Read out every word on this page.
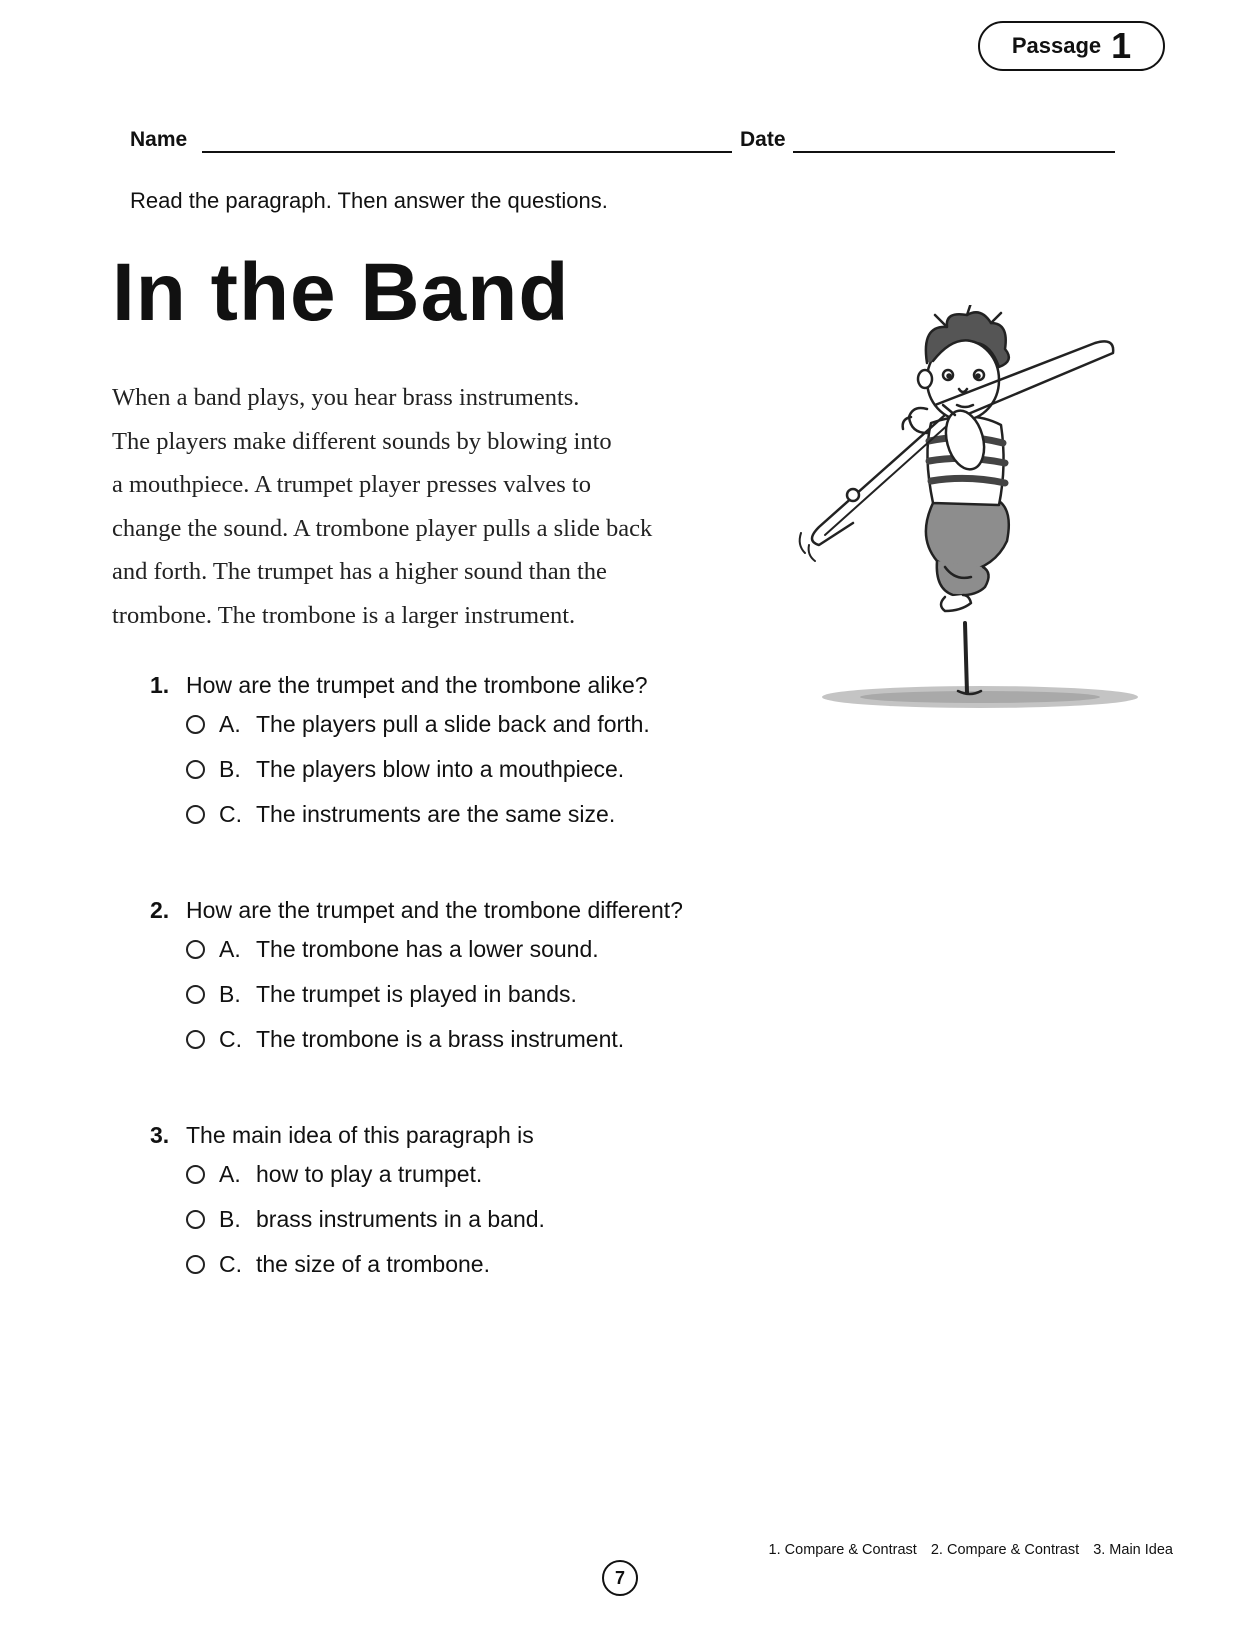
Passage 1
Name	Date
Read the paragraph. Then answer the questions.
In the Band
When a band plays, you hear brass instruments.
The players make different sounds by blowing into
a mouthpiece. A trumpet player presses valves to
change the sound. A trombone player pulls a slide back
and forth. The trumpet has a higher sound than the
trombone. The trombone is a larger instrument.
1. How are the trumpet and the trombone alike?
A. The players pull a slide back and forth.
B. The players blow into a mouthpiece.
C. The instruments are the same size.
2. How are the trumpet and the trombone different?
A. The trombone has a lower sound.
B. The trumpet is played in bands.
C. The trombone is a brass instrument.
3. The main idea of this paragraph is
A. how to play a trumpet.
B. brass instruments in a band.
C. the size of a trombone.
1. Compare & Contrast 2. Compare & Contrast 3. Main Idea
7
